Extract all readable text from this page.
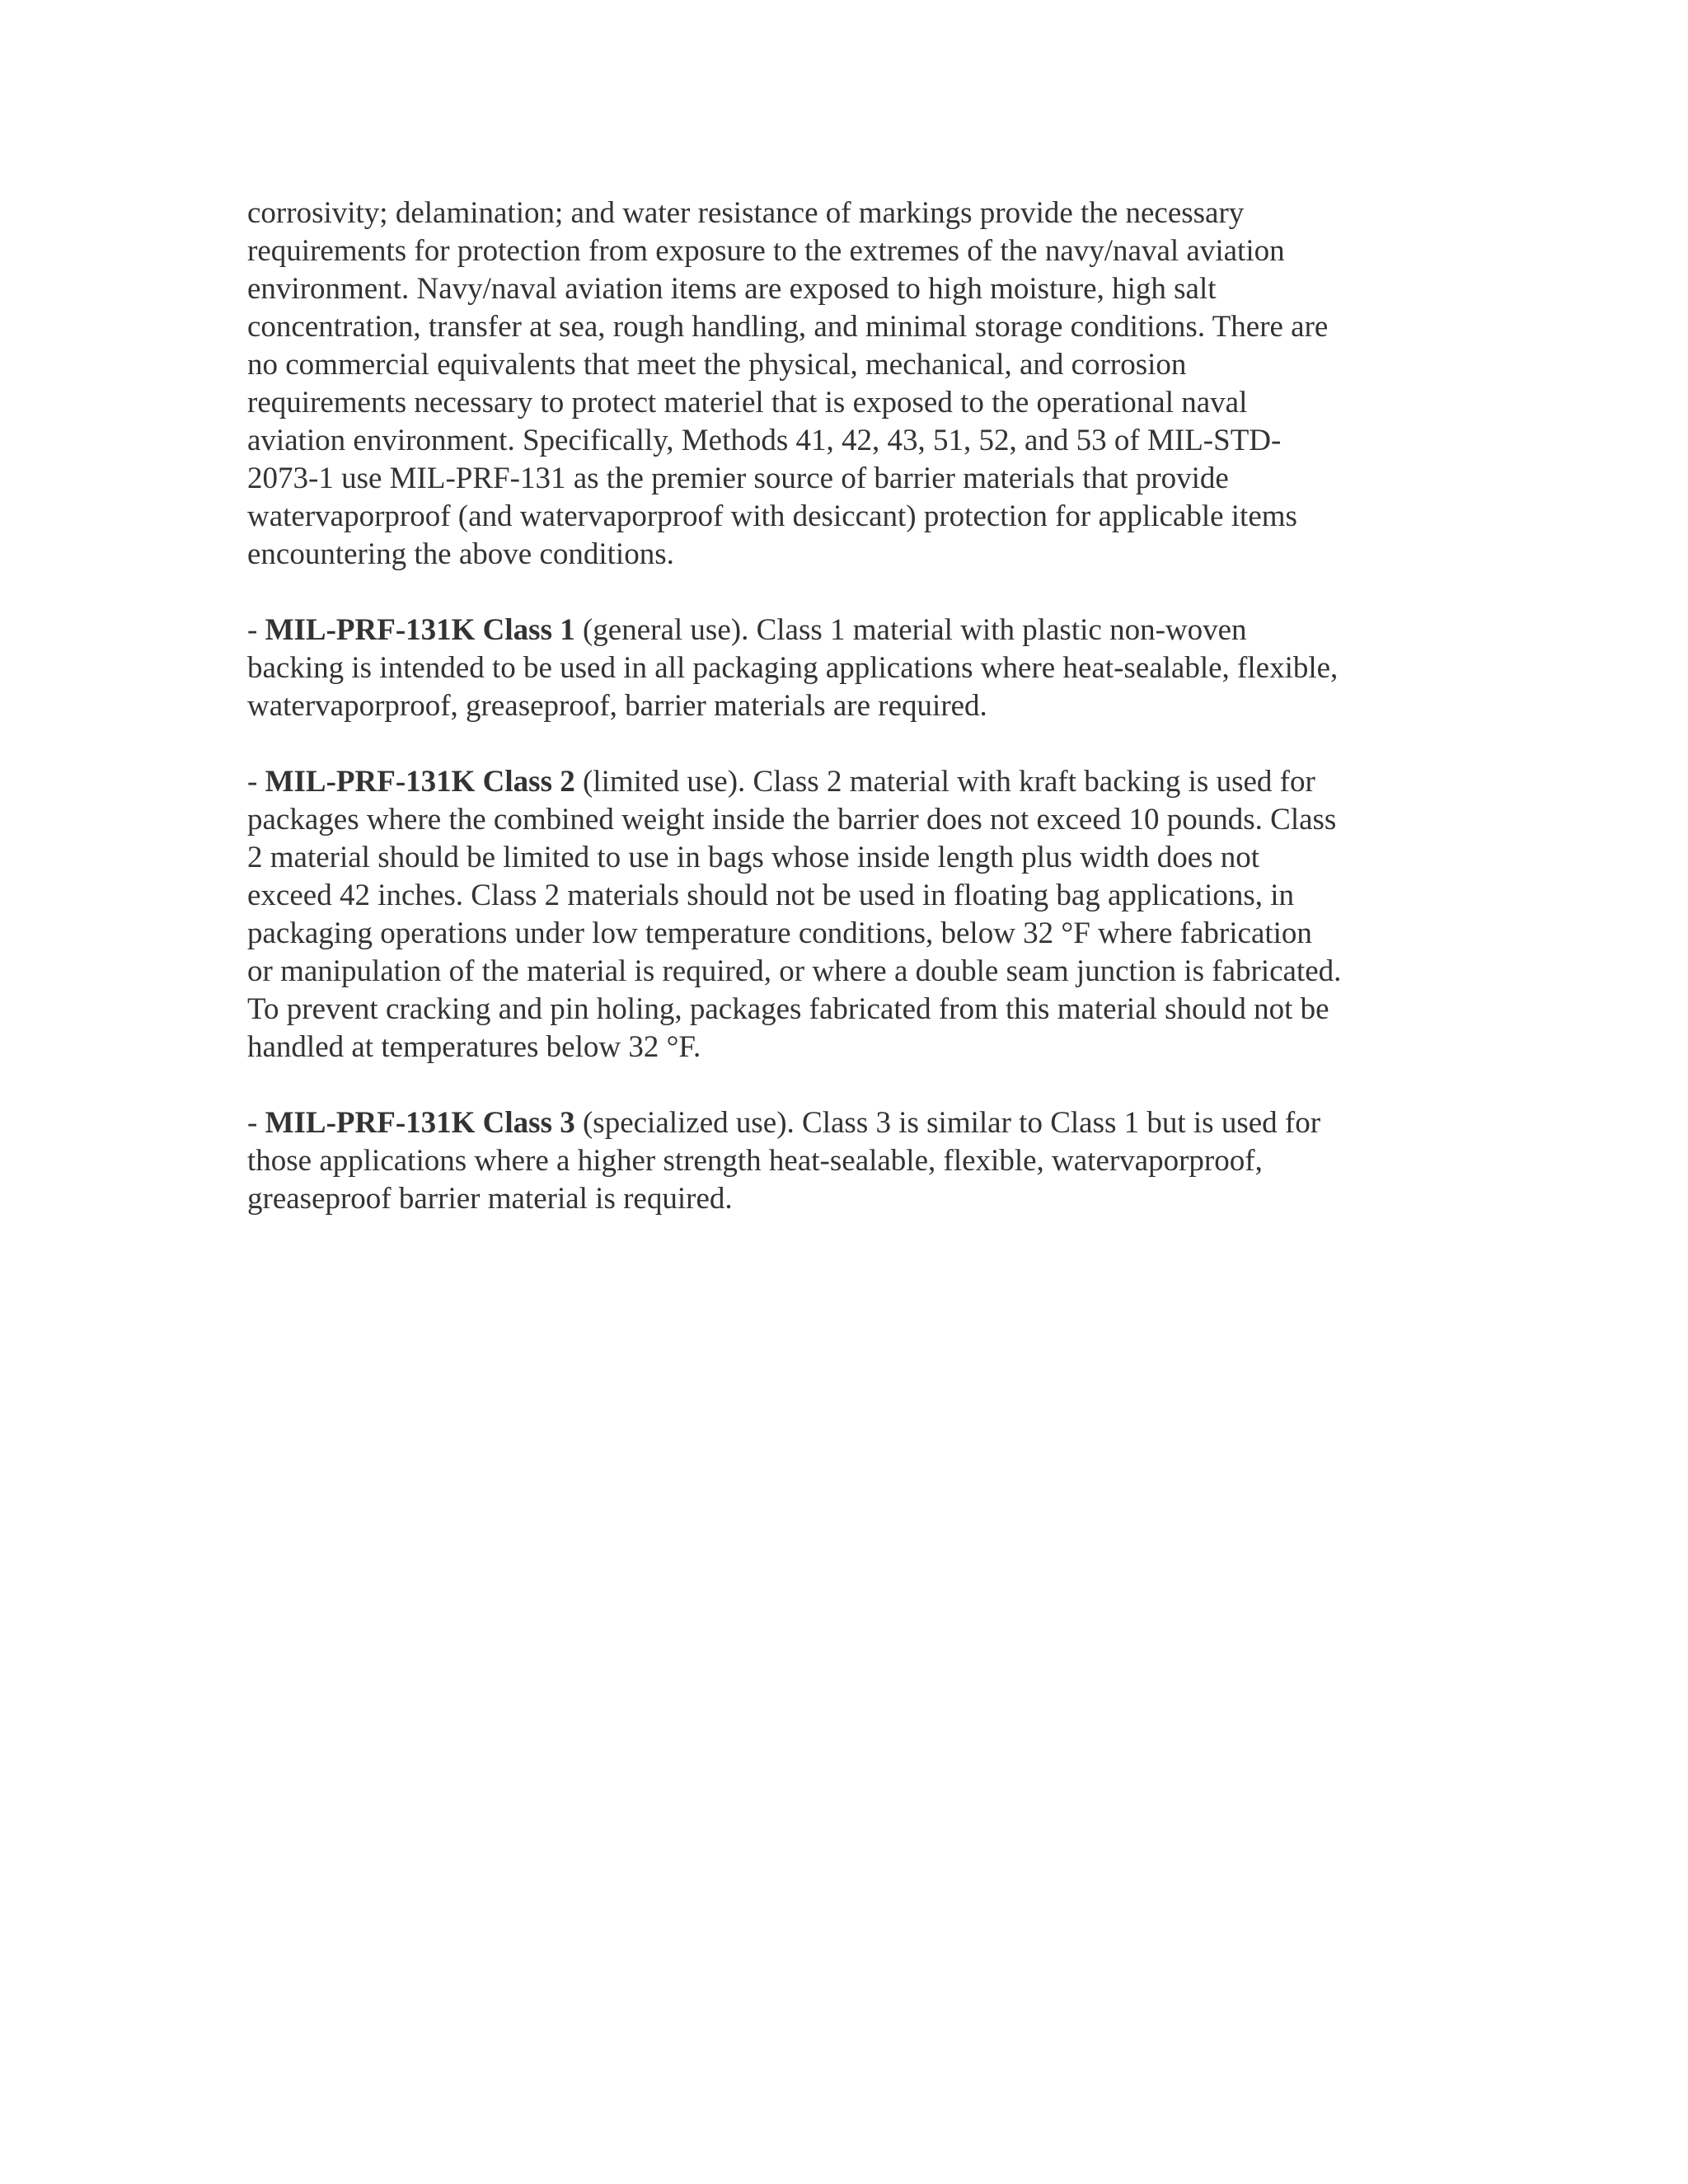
corrosivity; delamination; and water resistance of markings provide the necessary
requirements for protection from exposure to the extremes of the navy/naval aviation
environment. Navy/naval aviation items are exposed to high moisture, high salt
concentration, transfer at sea, rough handling, and minimal storage conditions. There are
no commercial equivalents that meet the physical, mechanical, and corrosion
requirements necessary to protect materiel that is exposed to the operational naval
aviation environment. Specifically, Methods 41, 42, 43, 51, 52, and 53 of MIL-STD-
2073-1 use MIL-PRF-131 as the premier source of barrier materials that provide
watervaporproof (and watervaporproof with desiccant) protection for applicable items
encountering the above conditions.

- MIL-PRF-131K Class 1 (general use). Class 1 material with plastic non-woven
backing is intended to be used in all packaging applications where heat-sealable, flexible,
watervaporproof, greaseproof, barrier materials are required.

- MIL-PRF-131K Class 2 (limited use). Class 2 material with kraft backing is used for
packages where the combined weight inside the barrier does not exceed 10 pounds. Class
2 material should be limited to use in bags whose inside length plus width does not
exceed 42 inches. Class 2 materials should not be used in floating bag applications, in
packaging operations under low temperature conditions, below 32 °F where fabrication
or manipulation of the material is required, or where a double seam junction is fabricated.
To prevent cracking and pin holing, packages fabricated from this material should not be
handled at temperatures below 32 °F.

- MIL-PRF-131K Class 3 (specialized use). Class 3 is similar to Class 1 but is used for
those applications where a higher strength heat-sealable, flexible, watervaporproof,
greaseproof barrier material is required.
